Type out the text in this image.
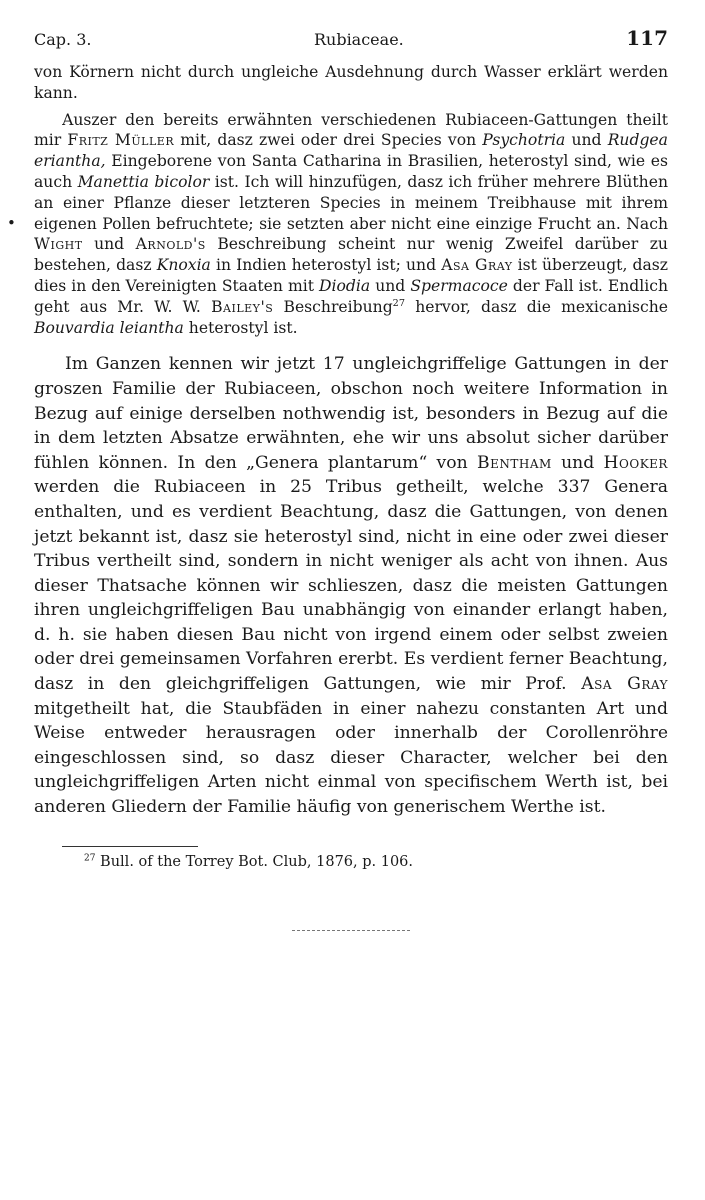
Cap. 3.	Rubiaceae.	117
•

von Körnern nicht durch ungleiche Ausdehnung durch Wasser erklärt werden kann.

Auszer den bereits erwähnten verschiedenen Rubiaceen-Gattungen theilt mir Fritz Müller mit, dasz zwei oder drei Species von Psychotria und Rudgea eriantha, Eingeborene von Santa Catharina in Brasilien, heterostyl sind, wie es auch Manettia bicolor ist. Ich will hinzufügen, dasz ich früher mehrere Blüthen an einer Pflanze dieser letzteren Species in meinem Treibhause mit ihrem eigenen Pollen befruchtete; sie setzten aber nicht eine einzige Frucht an. Nach Wight und Arnold's Beschreibung scheint nur wenig Zweifel darüber zu bestehen, dasz Knoxia in Indien heterostyl ist; und Asa Gray ist überzeugt, dasz dies in den Vereinigten Staaten mit Diodia und Spermacoce der Fall ist. Endlich geht aus Mr. W. W. Bailey's Beschreibung$^{27}$ hervor, dasz die mexicanische Bouvardia leiantha heterostyl ist.

Im Ganzen kennen wir jetzt 17 ungleichgriffelige Gattungen in der groszen Familie der Rubiaceen, obschon noch weitere Information in Bezug auf einige derselben nothwendig ist, besonders in Bezug auf die in dem letzten Absatze erwähnten, ehe wir uns absolut sicher darüber fühlen können. In den „Genera plantarum“ von Bentham und Hooker werden die Rubiaceen in 25 Tribus getheilt, welche 337 Genera enthalten, und es verdient Beachtung, dasz die Gattungen, von denen jetzt bekannt ist, dasz sie heterostyl sind, nicht in eine oder zwei dieser Tribus vertheilt sind, sondern in nicht weniger als acht von ihnen. Aus dieser Thatsache können wir schlieszen, dasz die meisten Gattungen ihren ungleichgriffeligen Bau unabhängig von einander erlangt haben, d. h. sie haben diesen Bau nicht von irgend einem oder selbst zweien oder drei gemeinsamen Vorfahren ererbt. Es verdient ferner Beachtung, dasz in den gleichgriffeligen Gattungen, wie mir Prof. Asa Gray mitgetheilt hat, die Staubfäden in einer nahezu constanten Art und Weise entweder herausragen oder innerhalb der Corollenröhre eingeschlossen sind, so dasz dieser Character, welcher bei den ungleichgriffeligen Arten nicht einmal von specifischem Werth ist, bei anderen Gliedern der Familie häufig von generischem Werthe ist.

$^{27}$ Bull. of the Torrey Bot. Club, 1876, p. 106.
